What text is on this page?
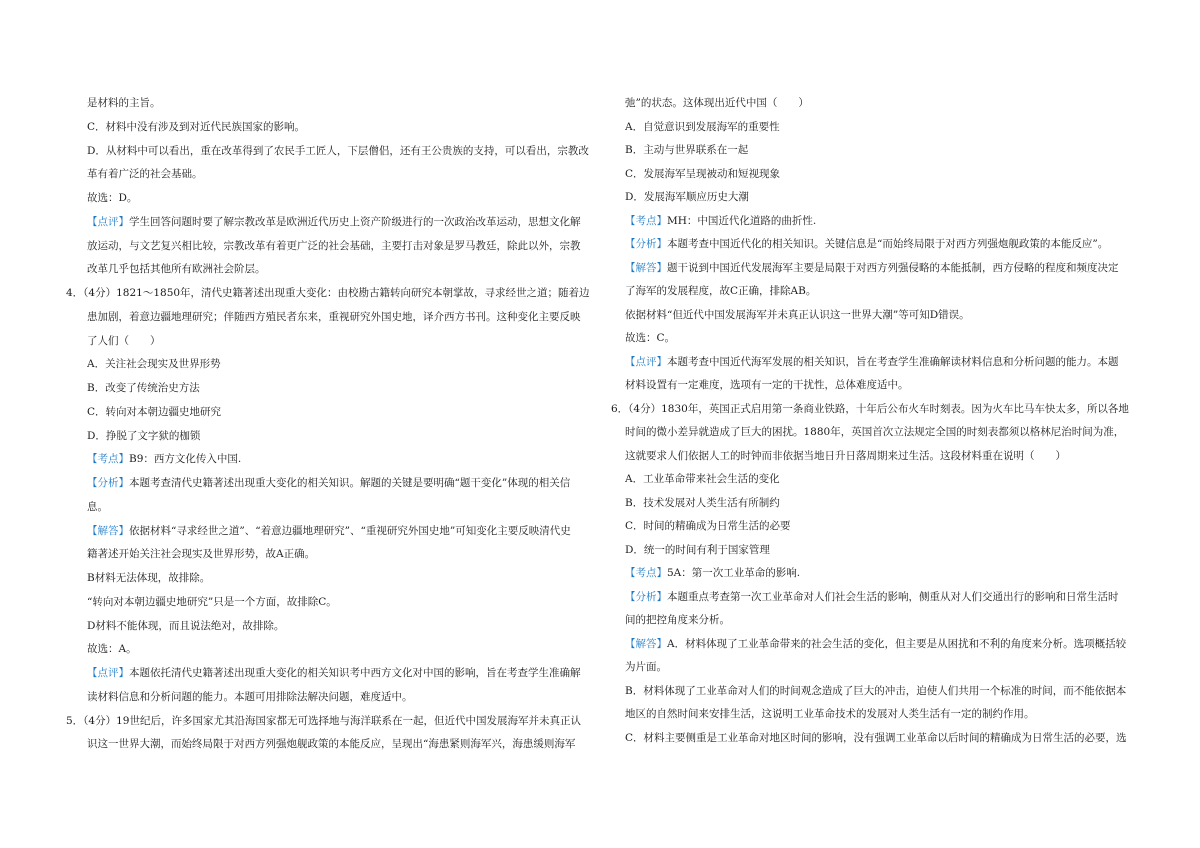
是材料的主旨。
C．材料中没有涉及到对近代民族国家的影响。
D．从材料中可以看出，重在改革得到了农民手工匠人，下层僧侣，还有王公贵族的支持，可以看出，宗教改
革有着广泛的社会基础。
故选：D。
【点评】学生回答问题时要了解宗教改革是欧洲近代历史上资产阶级进行的一次政治改革运动，思想文化解
放运动，与文艺复兴相比较，宗教改革有着更广泛的社会基础，主要打击对象是罗马教廷，除此以外，宗教
改革几乎包括其他所有欧洲社会阶层。
4．（4分）1821～1850年，清代史籍著述出现重大变化：由校勘古籍转向研究本朝掌故，寻求经世之道；随着边
患加剧，着意边疆地理研究；伴随西方殖民者东来，重视研究外国史地，译介西方书刊。这种变化主要反映
了人们（　　）
A．关注社会现实及世界形势
B．改变了传统治史方法
C．转向对本朝边疆史地研究
D．挣脱了文字狱的枷锁
【考点】B9：西方文化传入中国.
【分析】本题考查清代史籍著述出现重大变化的相关知识。解题的关键是要明确“题干变化”体现的相关信
息。
【解答】依据材料“寻求经世之道”、“着意边疆地理研究”、“重视研究外国史地”可知变化主要反映清代史
籍著述开始关注社会现实及世界形势，故A正确。
B材料无法体现，故排除。
“转向对本朝边疆史地研究”只是一个方面，故排除C。
D材料不能体现，而且说法绝对，故排除。
故选：A。
【点评】本题依托清代史籍著述出现重大变化的相关知识考中西方文化对中国的影响，旨在考查学生准确解
读材料信息和分析问题的能力。本题可用排除法解决问题，难度适中。
5．（4分）19世纪后，许多国家尤其沿海国家都无可选择地与海洋联系在一起，但近代中国发展海军并未真正认
识这一世界大潮，而始终局限于对西方列强炮舰政策的本能反应，呈现出“海患紧则海军兴，海患缓则海军
弛”的状态。这体现出近代中国（　　）
A．自觉意识到发展海军的重要性
B．主动与世界联系在一起
C．发展海军呈现被动和短视现象
D．发展海军顺应历史大潮
【考点】MH：中国近代化道路的曲折性.
【分析】本题考查中国近代化的相关知识。关键信息是“而始终局限于对西方列强炮舰政策的本能反应”。
【解答】题干说到中国近代发展海军主要是局限于对西方列强侵略的本能抵制，西方侵略的程度和频度决定
了海军的发展程度，故C正确，排除AB。
依据材料“但近代中国发展海军并未真正认识这一世界大潮”等可知D错误。
故选：C。
【点评】本题考查中国近代海军发展的相关知识，旨在考查学生准确解读材料信息和分析问题的能力。本题
材料设置有一定难度，选项有一定的干扰性，总体难度适中。
6．（4分）1830年，英国正式启用第一条商业铁路，十年后公布火车时刻表。因为火车比马车快太多，所以各地
时间的微小差异就造成了巨大的困扰。1880年，英国首次立法规定全国的时刻表都须以格林尼治时间为准，
这就要求人们依据人工的时钟而非依据当地日升日落周期来过生活。这段材料重在说明（　　）
A．工业革命带来社会生活的变化
B．技术发展对人类生活有所制约
C．时间的精确成为日常生活的必要
D．统一的时间有利于国家管理
【考点】5A：第一次工业革命的影响.
【分析】本题重点考查第一次工业革命对人们社会生活的影响，侧重从对人们交通出行的影响和日常生活时
间的把控角度来分析。
【解答】A．材料体现了工业革命带来的社会生活的变化，但主要是从困扰和不利的角度来分析。选项概括较
为片面。
B．材料体现了工业革命对人们的时间观念造成了巨大的冲击，迫使人们共用一个标准的时间，而不能依据本
地区的自然时间来安排生活，这说明工业革命技术的发展对人类生活有一定的制约作用。
C．材料主要侧重是工业革命对地区时间的影响，没有强调工业革命以后时间的精确成为日常生活的必要，选
